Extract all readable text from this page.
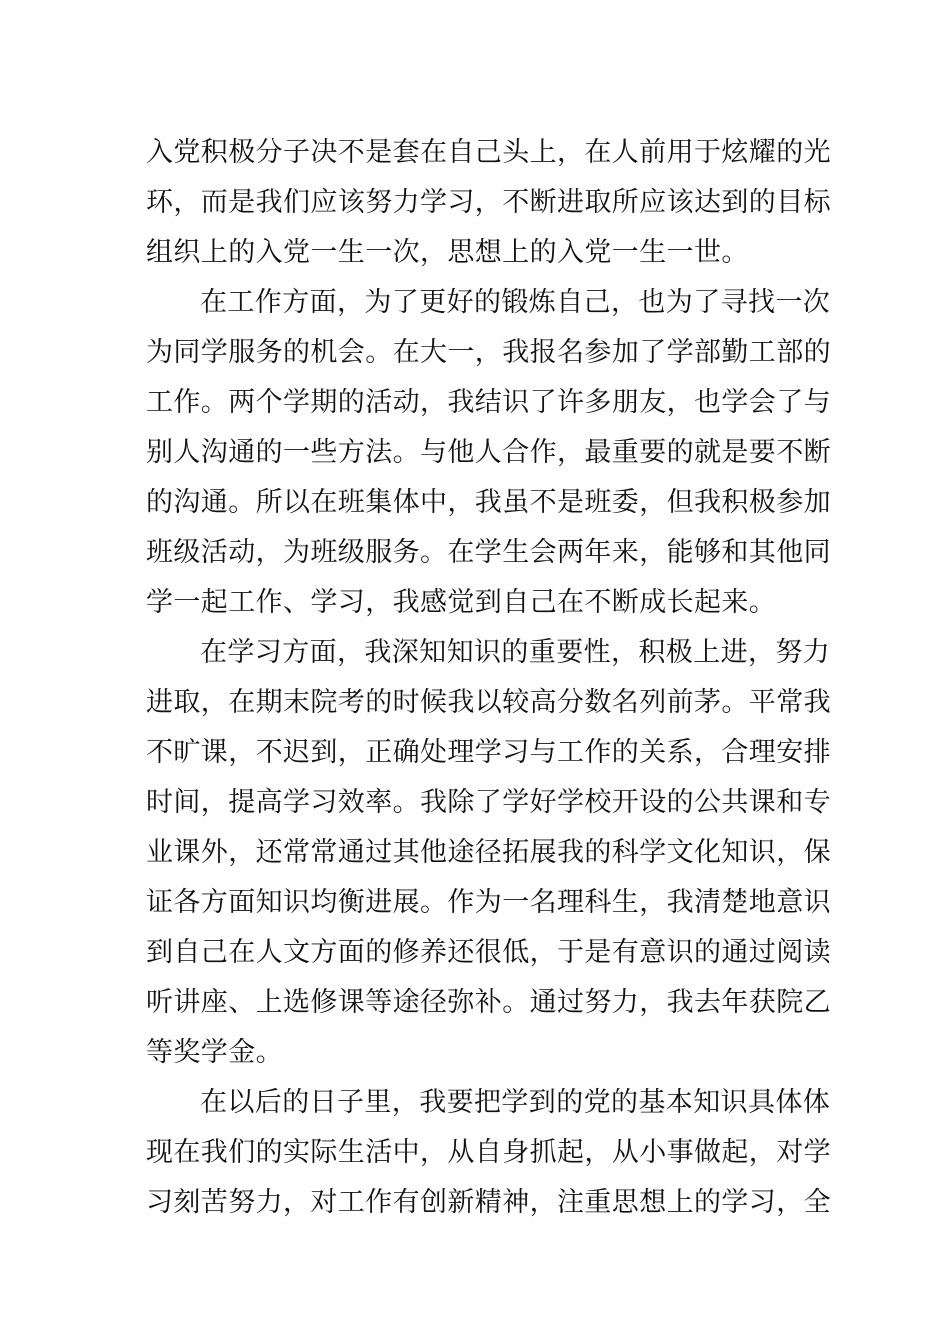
入党积极分子决不是套在自己头上，在人前用于炫耀的光
环，而是我们应该努力学习，不断进取所应该达到的目标
组织上的入党一生一次，思想上的入党一生一世。
在工作方面，为了更好的锻炼自己，也为了寻找一次
为同学服务的机会。在大一，我报名参加了学部勤工部的
工作。两个学期的活动，我结识了许多朋友，也学会了与
别人沟通的一些方法。与他人合作，最重要的就是要不断
的沟通。所以在班集体中，我虽不是班委，但我积极参加
班级活动，为班级服务。在学生会两年来，能够和其他同
学一起工作、学习，我感觉到自己在不断成长起来。
在学习方面，我深知知识的重要性，积极上进，努力
进取，在期末院考的时候我以较高分数名列前茅。平常我
不旷课，不迟到，正确处理学习与工作的关系，合理安排
时间，提高学习效率。我除了学好学校开设的公共课和专
业课外，还常常通过其他途径拓展我的科学文化知识，保
证各方面知识均衡进展。作为一名理科生，我清楚地意识
到自己在人文方面的修养还很低，于是有意识的通过阅读
听讲座、上选修课等途径弥补。通过努力，我去年获院乙
等奖学金。
在以后的日子里，我要把学到的党的基本知识具体体
现在我们的实际生活中，从自身抓起，从小事做起，对学
习刻苦努力，对工作有创新精神，注重思想上的学习，全
